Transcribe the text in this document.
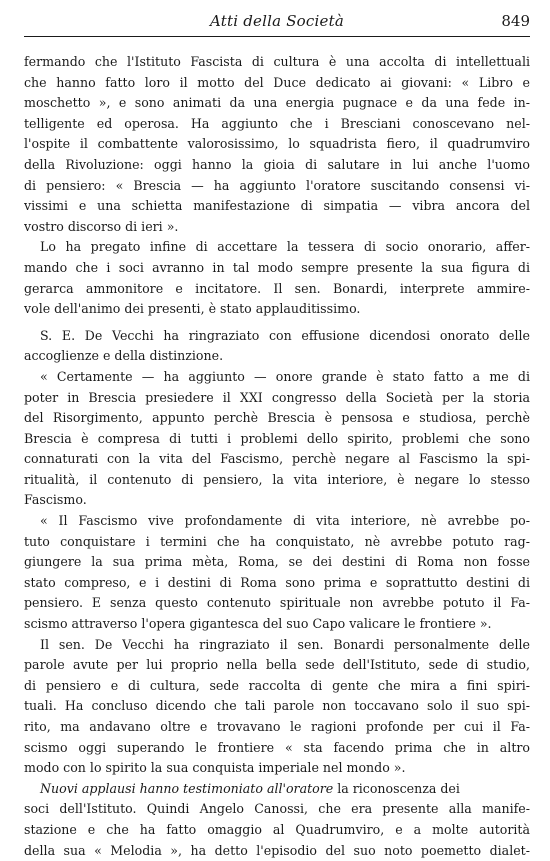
Atti della Società	849
fermando che l'Istituto Fascista di cultura è una accolta di intellettuali
che hanno fatto loro il motto del Duce dedicato ai giovani: « Libro e
moschetto », e sono animati da una energia pugnace e da una fede in-
telligente ed operosa. Ha aggiunto che i Bresciani conoscevano nel-
l'ospite il combattente valorosissimo, lo squadrista fiero, il quadrumviro
della Rivoluzione: oggi hanno la gioia di salutare in lui anche l'uomo
di pensiero: « Brescia — ha aggiunto l'oratore suscitando consensi vi-
vissimi e una schietta manifestazione di simpatia — vibra ancora del
vostro discorso di ieri ».
Lo ha pregato infine di accettare la tessera di socio onorario, affer-
mando che i soci avranno in tal modo sempre presente la sua figura di
gerarca ammonitore e incitatore. Il sen. Bonardi, interprete ammire-
vole dell'animo dei presenti, è stato applauditissimo.
S. E. De Vecchi ha ringraziato con effusione dicendosi onorato delle
accoglienze e della distinzione.
« Certamente — ha aggiunto — onore grande è stato fatto a me di
poter in Brescia presiedere il XXI congresso della Società per la storia
del Risorgimento, appunto perchè Brescia è pensosa e studiosa, perchè
Brescia è compresa di tutti i problemi dello spirito, problemi che sono
connaturati con la vita del Fascismo, perchè negare al Fascismo la spi-
ritualità, il contenuto di pensiero, la vita interiore, è negare lo stesso
Fascismo.
« Il Fascismo vive profondamente di vita interiore, nè avrebbe po-
tuto conquistare i termini che ha conquistato, nè avrebbe potuto rag-
giungere la sua prima mèta, Roma, se dei destini di Roma non fosse
stato compreso, e i destini di Roma sono prima e soprattutto destini di
pensiero. E senza questo contenuto spirituale non avrebbe potuto il Fa-
scismo attraverso l'opera gigantesca del suo Capo valicare le frontiere ».
Il sen. De Vecchi ha ringraziato il sen. Bonardi personalmente delle
parole avute per lui proprio nella bella sede dell'Istituto, sede di studio,
di pensiero e di cultura, sede raccolta di gente che mira a fini spiri-
tuali. Ha concluso dicendo che tali parole non toccavano solo il suo spi-
rito, ma andavano oltre e trovavano le ragioni profonde per cui il Fa-
scismo oggi superando le frontiere « sta facendo prima che in altro
modo con lo spirito la sua conquista imperiale nel mondo ».
Nuovi applausi hanno testimoniato all'oratore la riconoscenza dei
soci dell'Istituto. Quindi Angelo Canossi, che era presente alla manife-
stazione e che ha fatto omaggio al Quadrumviro, e a molte autorità
della sua « Melodia », ha detto l'episodio del suo noto poemetto dialet-
